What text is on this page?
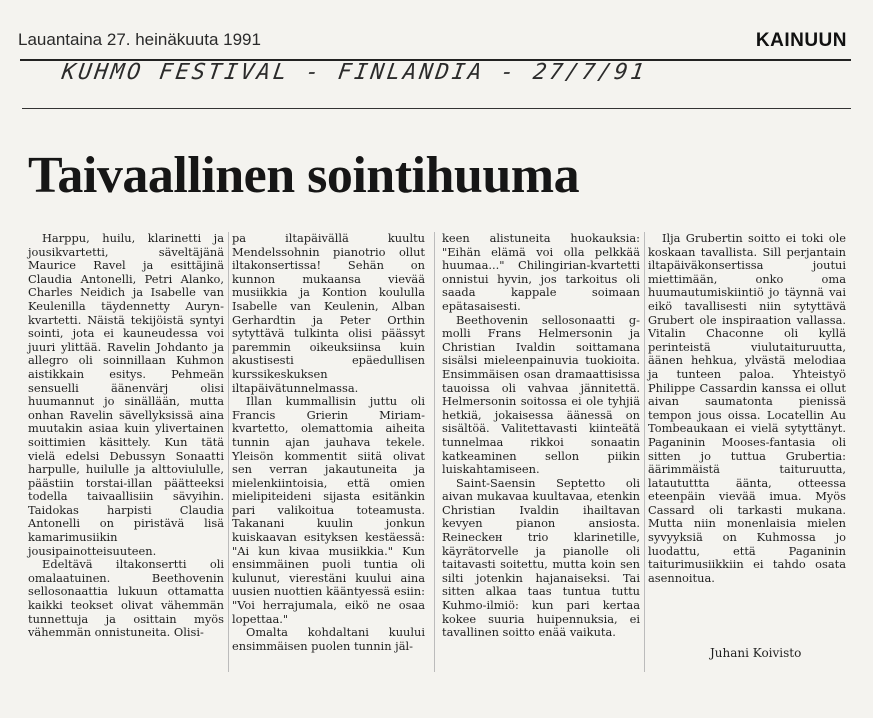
Lauantaina 27. heinäkuuta 1991	KAINUUN
KUHMO FESTIVAL - FINLANDIA - 27/7/91
Taivaallinen sointihuuma

Harppu, huilu, klarinetti ja jousikvartetti, säveltäjänä Maurice Ravel ja esittäjinä Claudia Antonelli, Petri Alanko, Charles Neidich ja Isabelle van Keulenilla täydennetty Auryn-kvartetti. Näistä tekijöistä syntyi sointi, jota ei kauneudessa voi juuri ylittää. Ravelin Johdanto ja allegro oli soinnillaan Kuhmon aistikkain esitys. Pehmeän sensuelli äänenvärj olisi huumannut jo sinällään, mutta onhan Ravelin sävellyksissä aina muutakin asiaa kuin ylivertainen soittimien käsittely. Kun tätä vielä edelsi Debussyn Sonaatti harpulle, huilulle ja alttoviululle, päästiin torstai-illan päätteeksi todella taivaallisiin sävyihin. Taidokas harpisti Claudia Antonelli on piristävä lisä kamarimusiikin jousipainotteisuuteen.

Edeltävä iltakonsertti oli omalaatuinen. Beethovenin sellosonaattia lukuun ottamatta kaikki teokset olivat vähemmän tunnettuja ja osittain myös vähemmän onnistuneita. Olisi-

pa iltapäivällä kuultu Mendelssohnin pianotrio ollut iltakonsertissa! Sehän on kunnon mukaansa vievää musiikkia ja Kontion koululla Isabelle van Keulenin, Alban Gerhardtin ja Peter Orthin sytyttävä tulkinta olisi päässyt paremmin oikeuksiinsa kuin akustisesti epäedullisen kurssikeskuksen iltapäivätunnelmassa.

Illan kummallisin juttu oli Francis Grierin Miriam-kvartetto, olemattomia aiheita tunnin ajan jauhava tekele. Yleisön kommentit siitä olivat sen verran jakautuneita ja mielenkiintoisia, että omien mielipiteideni sijasta esitänkin pari valikoitua toteamusta. Takanani kuulin jonkun kuiskaavan esityksen kestäessä: "Ai kun kivaa musiikkia." Kun ensimmäinen puoli tuntia oli kulunut, vierestäni kuului aina uusien nuottien kääntyessä esiin: "Voi herrajumala, eikö ne osaa lopettaa."

Omalta kohdaltani kuului ensimmäisen puolen tunnin jäl-

keen alistuneita huokauksia: "Eihän elämä voi olla pelkkää huumaa..." Chilingirian-kvartetti onnistui hyvin, jos tarkoitus oli saada kappale soimaan epätasaisesti.

Beethovenin sellosonaatti g-molli Frans Helmersonin ja Christian Ivaldin soittamana sisälsi mieleenpainuvia tuokioita. Ensimmäisen osan dramaattisissa tauoissa oli vahvaa jännitettä. Helmersonin soitossa ei ole tyhjiä hetkiä, jokaisessa äänessä on sisältöä. Valitettavasti kiinteätä tunnelmaa rikkoi sonaatin katkeaminen sellon piikin luiskahtamiseen.

Saint-Saensin Septetto oli aivan mukavaa kuultavaa, etenkin Christian Ivaldin ihailtavan kevyen pianon ansiosta. Reineckeн trio klarinetille, käyrätorvelle ja pianolle oli taitavasti soitettu, mutta koin sen silti jotenkin hajanaiseksi. Tai sitten alkaa taas tuntua tuttu Kuhmo-ilmiö: kun pari kertaa kokee suuria huipennuksia, ei tavallinen soitto enää vaikuta.

Ilja Grubertin soitto ei toki ole koskaan tavallista. Sill perjantain iltapäiväkonsertissa joutui miettimään, onko oma huumautumiskiintiö jo täynnä vai eikö tavallisesti niin sytyttävä Grubert ole inspiraation vallassa. Vitalin Chaconne oli kyllä perinteistä viulutaituruutta, äänen hehkua, ylvästä melodiaa ja tunteen paloa. Yhteistyö Philippe Cassardin kanssa ei ollut aivan saumatonta pienissä tempon jous oissa. Locatellin Au Tombeaukaan ei vielä sytyttänyt. Paganinin Mooses-fantasia oli sitten jo tuttua Grubertia: äärimmäistä taituruutta, lataututtta äänta, otteessa eteenpäin vievää imua. Myös Cassard oli tarkasti mukana. Mutta niin monenlaisia mielen syvyyksiä on Kuhmossa jo luodattu, että Paganinin taiturimusiikkiin ei tahdo osata asennoitua.

Juhani Koivisto
